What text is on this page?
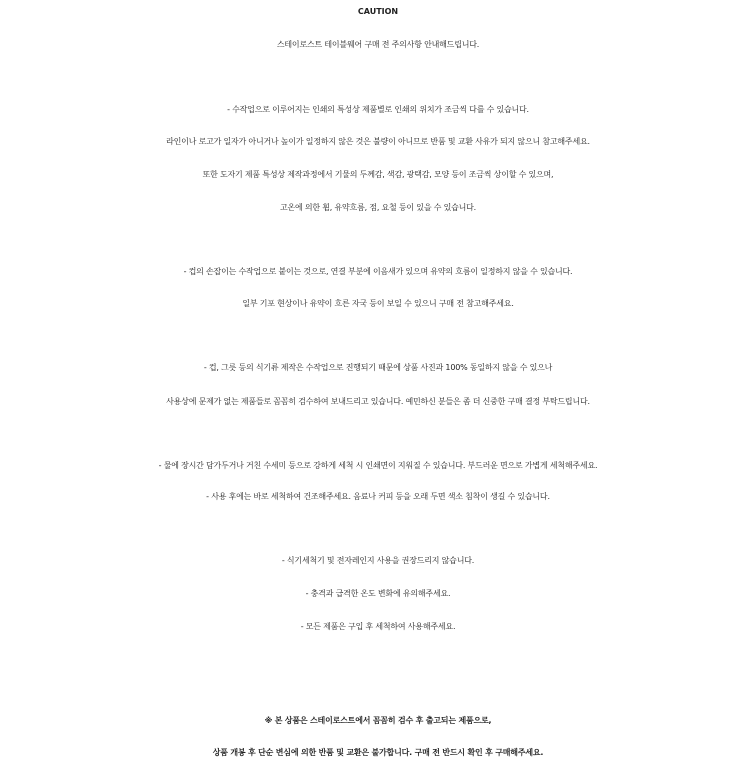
CAUTION
스테이로스트 테이블웨어 구매 전 주의사항 안내해드립니다.
- 수작업으로 이루어지는 인쇄의 특성상 제품별로 인쇄의 위치가 조금씩 다를 수 있습니다.
라인이나 로고가 일자가 아니거나 높이가 일정하지 않은 것은 불량이 아니므로 반품 및 교환 사유가 되지 않으니 참고해주세요.
또한 도자기 제품 특성상 제작과정에서 기물의 두께감, 색감, 광택감, 모양 등이 조금씩 상이할 수 있으며,
고온에 의한 휨, 유약흐름, 점, 요철 등이 있을 수 있습니다.
- 컵의 손잡이는 수작업으로 붙이는 것으로, 연결 부분에 이음새가 있으며 유약의 흐름이 일정하지 않을 수 있습니다.
일부 기포 현상이나 유약이 흐른 자국 등이 보일 수 있으니 구매 전 참고해주세요.
- 컵, 그릇 등의 식기류 제작은 수작업으로 진행되기 때문에 상품 사진과 100% 동일하지 않을 수 있으나
사용상에 문제가 없는 제품들로 꼼꼼히 검수하여 보내드리고 있습니다. 예민하신 분들은 좀 더 신중한 구매 결정 부탁드립니다.
- 물에 장시간 담가두거나 거친 수세미 등으로 강하게 세척 시 인쇄면이 지워질 수 있습니다. 부드러운 면으로 가볍게 세척해주세요.
- 사용 후에는 바로 세척하여 건조해주세요. 음료나 커피 등을 오래 두면 색소 침착이 생길 수 있습니다.
- 식기세척기 및 전자레인지 사용을 권장드리지 않습니다.
- 충격과 급격한 온도 변화에 유의해주세요.
- 모든 제품은 구입 후 세척하여 사용해주세요.
※ 본 상품은 스테이로스트에서 꼼꼼히 검수 후 출고되는 제품으로,
상품 개봉 후 단순 변심에 의한 반품 및 교환은 불가합니다. 구매 전 반드시 확인 후 구매해주세요.
